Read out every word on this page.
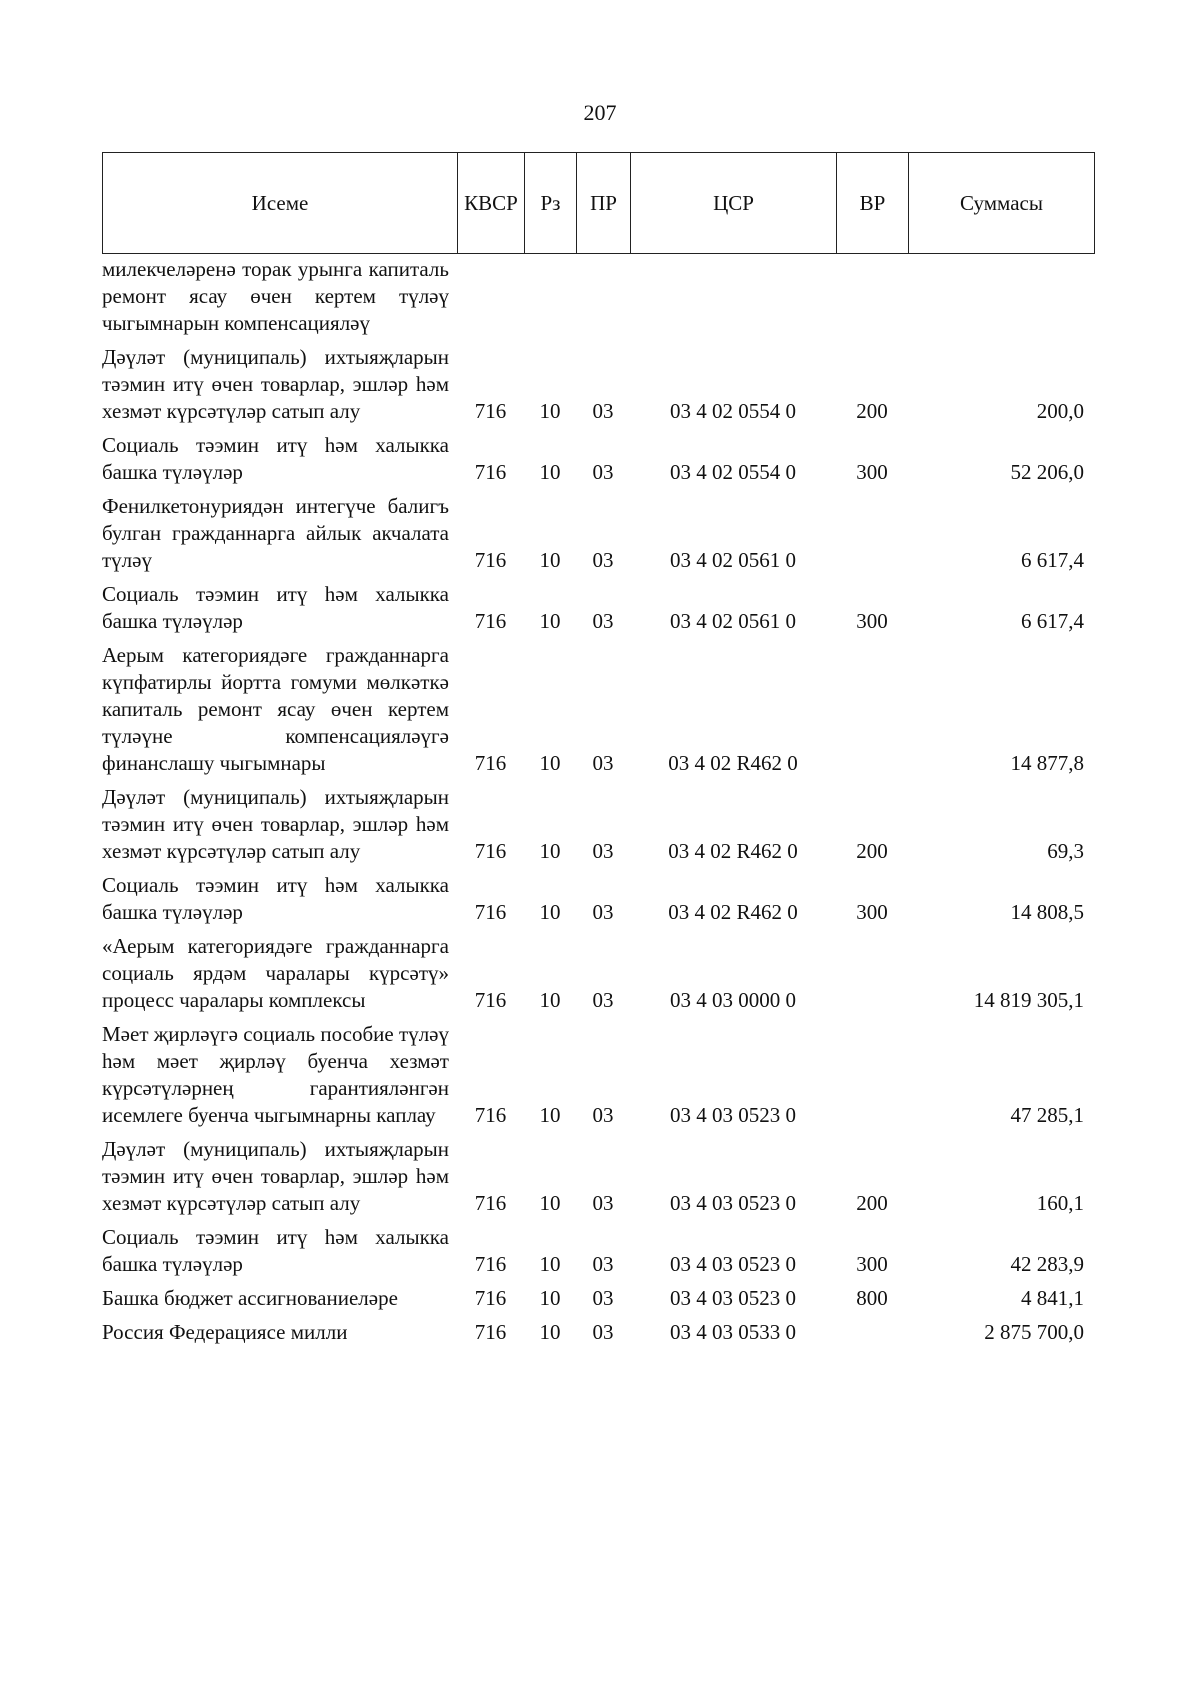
207
Исеме	КВСР	Рз	ПР	ЦСР	ВР	Суммасы
милекчеләренә торак урынга капиталь ремонт ясау өчен кертем түләү чыгымнарын компенсацияләү						
Дәүләт (муниципаль) ихтыяҗларын тәэмин итү өчен товарлар, эшләр һәм хезмәт күрсәтүләр сатып алу	716	10	03	03 4 02 0554 0	200	200,0
Социаль тәэмин итү һәм халыкка башка түләүләр	716	10	03	03 4 02 0554 0	300	52 206,0
Фенилкетонуриядән интегүче балигъ булган гражданнарга айлык акчалата түләү	716	10	03	03 4 02 0561 0		6 617,4
Социаль тәэмин итү һәм халыкка башка түләүләр	716	10	03	03 4 02 0561 0	300	6 617,4
Аерым категориядәге гражданнарга күпфатирлы йортта гомуми мөлкәткә капиталь ремонт ясау өчен кертем түләүне компенсацияләүгә финанслашу чыгымнары	716	10	03	03 4 02 R462 0		14 877,8
Дәүләт (муниципаль) ихтыяҗларын тәэмин итү өчен товарлар, эшләр һәм хезмәт күрсәтүләр сатып алу	716	10	03	03 4 02 R462 0	200	69,3
Социаль тәэмин итү һәм халыкка башка түләүләр	716	10	03	03 4 02 R462 0	300	14 808,5
«Аерым категориядәге гражданнарга социаль ярдәм чаралары күрсәтү» процесс чаралары комплексы	716	10	03	03 4 03 0000 0		14 819 305,1
Мәет җирләүгә социаль пособие түләү һәм мәет җирләү буенча хезмәт күрсәтүләрнең гарантияләнгән исемлеге буенча чыгымнарны каплау	716	10	03	03 4 03 0523 0		47 285,1
Дәүләт (муниципаль) ихтыяҗларын тәэмин итү өчен товарлар, эшләр һәм хезмәт күрсәтүләр сатып алу	716	10	03	03 4 03 0523 0	200	160,1
Социаль тәэмин итү һәм халыкка башка түләүләр	716	10	03	03 4 03 0523 0	300	42 283,9
Башка бюджет ассигнованиеләре	716	10	03	03 4 03 0523 0	800	4 841,1
Россия Федерациясе милли	716	10	03	03 4 03 0533 0		2 875 700,0
